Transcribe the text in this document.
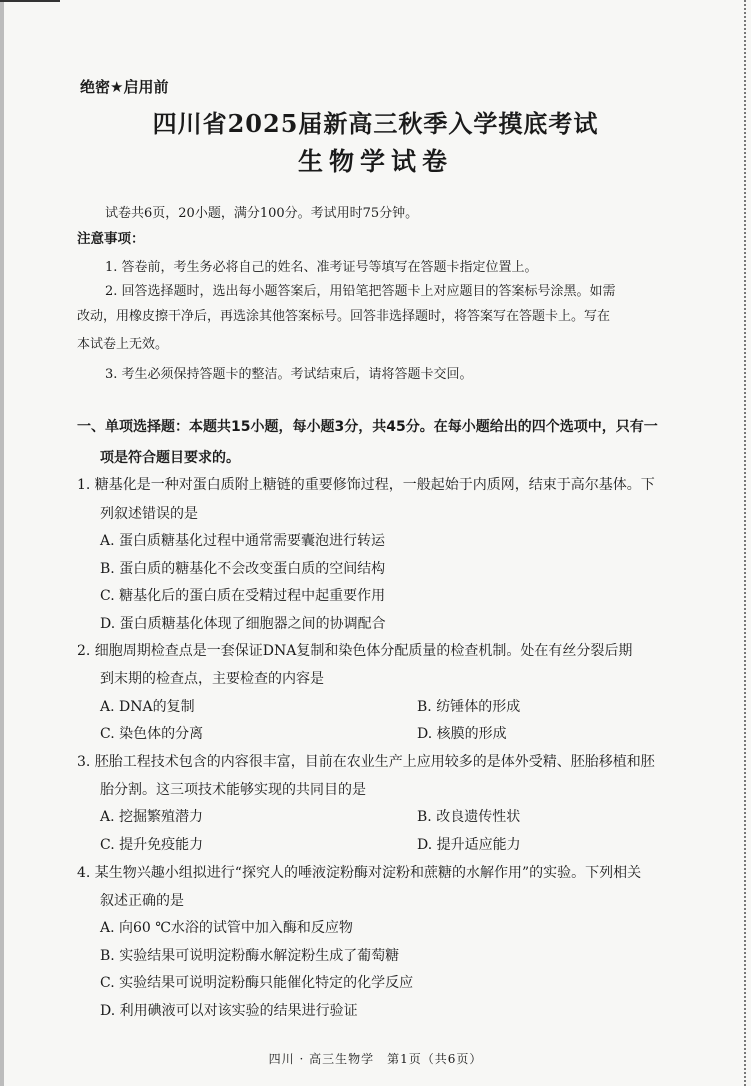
绝密★启用前
四川省2025届新高三秋季入学摸底考试
生物学试卷
试卷共6页，20小题，满分100分。考试用时75分钟。
注意事项：
1. 答卷前，考生务必将自己的姓名、准考证号等填写在答题卡指定位置上。
2. 回答选择题时，选出每小题答案后，用铅笔把答题卡上对应题目的答案标号涂黑。如需
改动，用橡皮擦干净后，再选涂其他答案标号。回答非选择题时，将答案写在答题卡上。写在
本试卷上无效。
3. 考生必须保持答题卡的整洁。考试结束后，请将答题卡交回。
一、单项选择题：本题共15小题，每小题3分，共45分。在每小题给出的四个选项中，只有一
项是符合题目要求的。
1. 糖基化是一种对蛋白质附上糖链的重要修饰过程，一般起始于内质网，结束于高尔基体。下
列叙述错误的是
A. 蛋白质糖基化过程中通常需要囊泡进行转运
B. 蛋白质的糖基化不会改变蛋白质的空间结构
C. 糖基化后的蛋白质在受精过程中起重要作用
D. 蛋白质糖基化体现了细胞器之间的协调配合
2. 细胞周期检查点是一套保证DNA复制和染色体分配质量的检查机制。处在有丝分裂后期
到末期的检查点，主要检查的内容是
A. DNA的复制	B. 纺锤体的形成
C. 染色体的分离	D. 核膜的形成
3. 胚胎工程技术包含的内容很丰富，目前在农业生产上应用较多的是体外受精、胚胎移植和胚
胎分割。这三项技术能够实现的共同目的是
A. 挖掘繁殖潜力	B. 改良遗传性状
C. 提升免疫能力	D. 提升适应能力
4. 某生物兴趣小组拟进行“探究人的唾液淀粉酶对淀粉和蔗糖的水解作用”的实验。下列相关
叙述正确的是
A. 向60 ℃水浴的试管中加入酶和反应物
B. 实验结果可说明淀粉酶水解淀粉生成了葡萄糖
C. 实验结果可说明淀粉酶只能催化特定的化学反应
D. 利用碘液可以对该实验的结果进行验证
四川 · 高三生物学　第1页（共6页）
